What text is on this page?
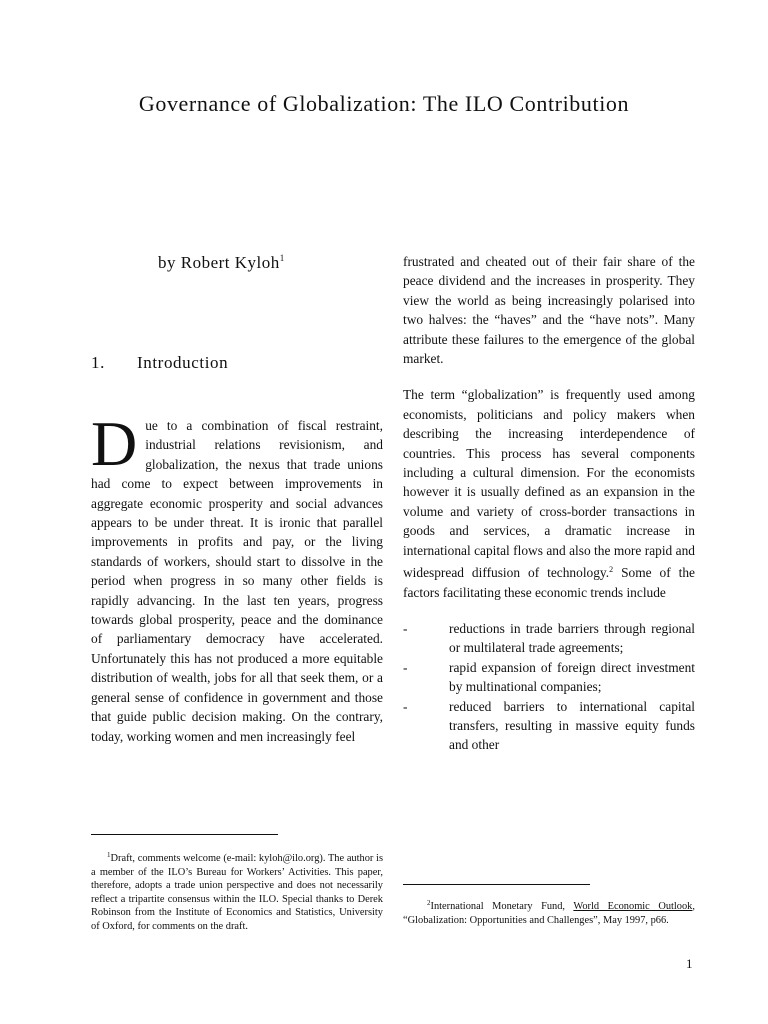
Governance of Globalization: The ILO Contribution
by Robert Kyloh$^1$
1. Introduction
Due to a combination of fiscal restraint, industrial relations revisionism, and globalization, the nexus that trade unions had come to expect between improvements in aggregate economic prosperity and social advances appears to be under threat. It is ironic that parallel improvements in profits and pay, or the living standards of workers, should start to dissolve in the period when progress in so many other fields is rapidly advancing. In the last ten years, progress towards global prosperity, peace and the dominance of parliamentary democracy have accelerated. Unfortunately this has not produced a more equitable distribution of wealth, jobs for all that seek them, or a general sense of confidence in government and those that guide public decision making. On the contrary, today, working women and men increasingly feel
$^1$Draft, comments welcome (e-mail: kyloh@ilo.org). The author is a member of the ILO’s Bureau for Workers’ Activities. This paper, therefore, adopts a trade union perspective and does not necessarily reflect a tripartite consensus within the ILO. Special thanks to Derek Robinson from the Institute of Economics and Statistics, University of Oxford, for comments on the draft.

frustrated and cheated out of their fair share of the peace dividend and the increases in prosperity. They view the world as being increasingly polarised into two halves: the “haves” and the “have nots”. Many attribute these failures to the emergence of the global market.

The term “globalization” is frequently used among economists, politicians and policy makers when describing the increasing interdependence of countries. This process has several components including a cultural dimension. For the economists however it is usually defined as an expansion in the volume and variety of cross-border transactions in goods and services, a dramatic increase in international capital flows and also the more rapid and widespread diffusion of technology.$^2$ Some of the factors facilitating these economic trends include

-	reductions in trade barriers through regional or multilateral trade agreements;
-	rapid expansion of foreign direct investment by multinational companies;
-	reduced barriers to international capital transfers, resulting in massive equity funds and other
$^2$International Monetary Fund, World Economic Outlook, “Globalization: Opportunities and Challenges”, May 1997, p66.
1
